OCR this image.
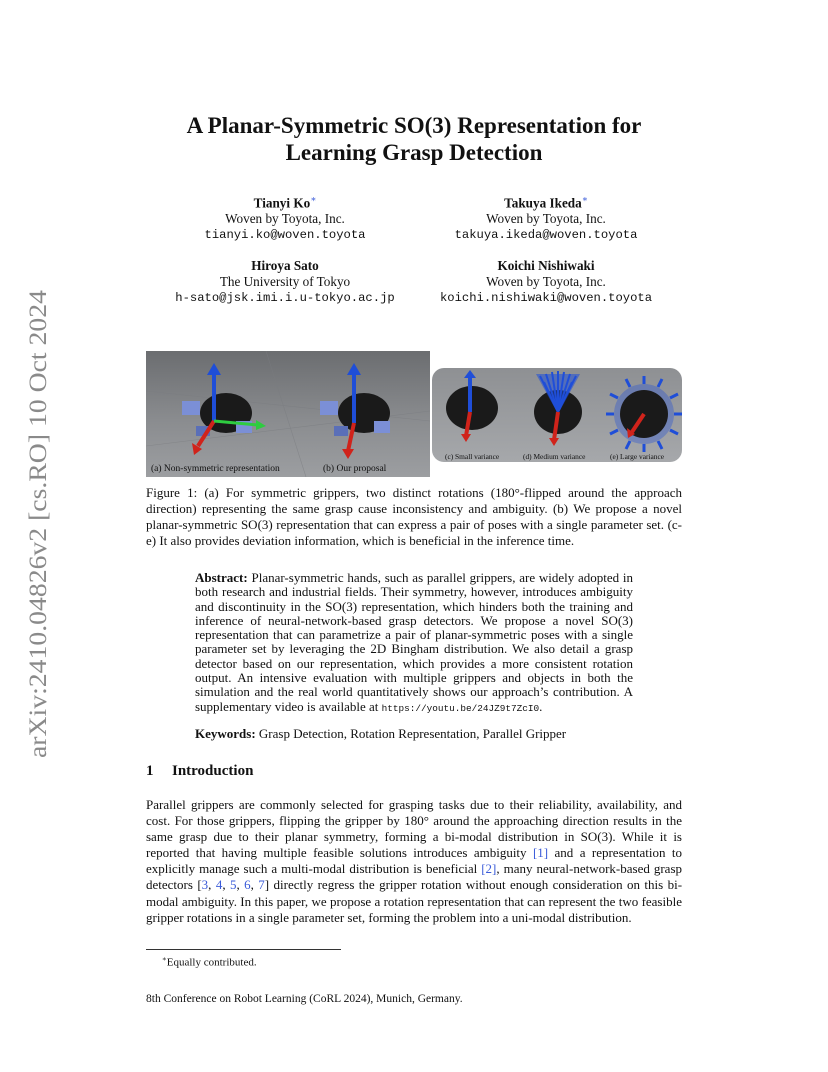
arXiv:2410.04826v2 [cs.RO] 10 Oct 2024
A Planar-Symmetric SO(3) Representation for
Learning Grasp Detection
Tianyi Ko∗
Woven by Toyota, Inc.
tianyi.ko@woven.toyota
Takuya Ikeda∗
Woven by Toyota, Inc.
takuya.ikeda@woven.toyota
Hiroya Sato
The University of Tokyo
h-sato@jsk.imi.i.u-tokyo.ac.jp
Koichi Nishiwaki
Woven by Toyota, Inc.
koichi.nishiwaki@woven.toyota
(a) Non-symmetric representation	(b) Our proposal
(c) Small variance	(d) Medium variance	(e) Large variance
Figure 1: (a) For symmetric grippers, two distinct rotations (180°-flipped around the approach direction) representing the same grasp cause inconsistency and ambiguity. (b) We propose a novel planar-symmetric SO(3) representation that can express a pair of poses with a single parameter set. (c-e) It also provides deviation information, which is beneficial in the inference time.
Abstract: Planar-symmetric hands, such as parallel grippers, are widely adopted in both research and industrial fields. Their symmetry, however, introduces ambiguity and discontinuity in the SO(3) representation, which hinders both the training and inference of neural-network-based grasp detectors. We propose a novel SO(3) representation that can parametrize a pair of planar-symmetric poses with a single parameter set by leveraging the 2D Bingham distribution. We also detail a grasp detector based on our representation, which provides a more consistent rotation output. An intensive evaluation with multiple grippers and objects in both the simulation and the real world quantitatively shows our approach’s contribution. A supplementary video is available at https://youtu.be/24JZ9t7ZcI0.
Keywords: Grasp Detection, Rotation Representation, Parallel Gripper
1 Introduction
Parallel grippers are commonly selected for grasping tasks due to their reliability, availability, and cost. For those grippers, flipping the gripper by 180° around the approaching direction results in the same grasp due to their planar symmetry, forming a bi-modal distribution in SO(3). While it is reported that having multiple feasible solutions introduces ambiguity [1] and a representation to explicitly manage such a multi-modal distribution is beneficial [2], many neural-network-based grasp detectors [3, 4, 5, 6, 7] directly regress the gripper rotation without enough consideration on this bi-modal ambiguity. In this paper, we propose a rotation representation that can represent the two feasible gripper rotations in a single parameter set, forming the problem into a uni-modal distribution.
∗Equally contributed.
8th Conference on Robot Learning (CoRL 2024), Munich, Germany.
